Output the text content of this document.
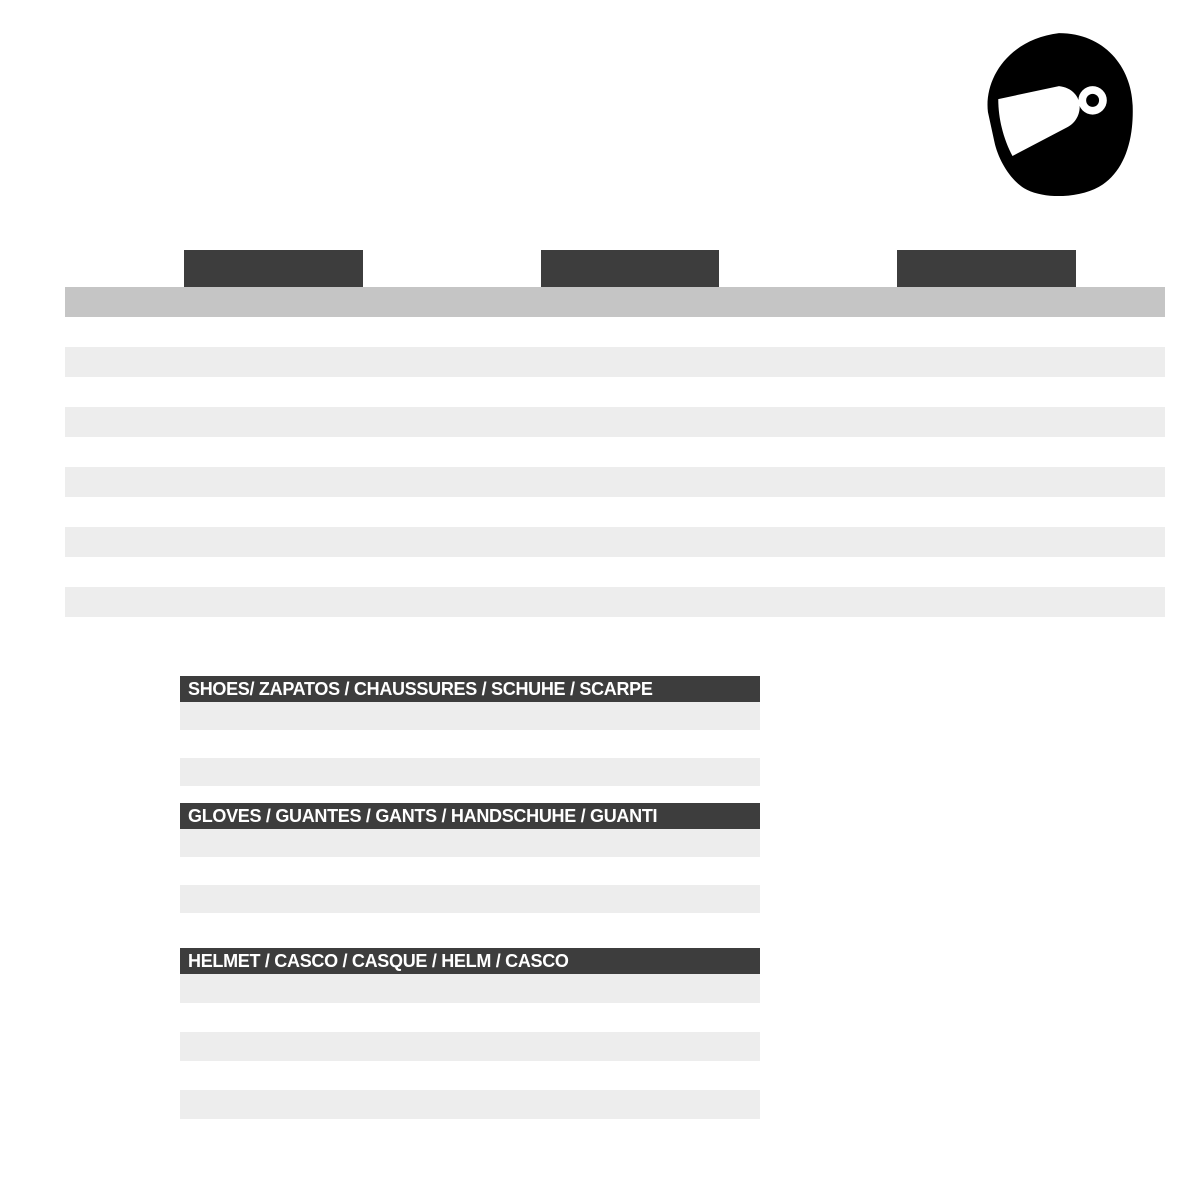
SHOES/ ZAPATOS / CHAUSSURES / SCHUHE / SCARPE
GLOVES / GUANTES / GANTS / HANDSCHUHE / GUANTI
HELMET / CASCO / CASQUE / HELM / CASCO
